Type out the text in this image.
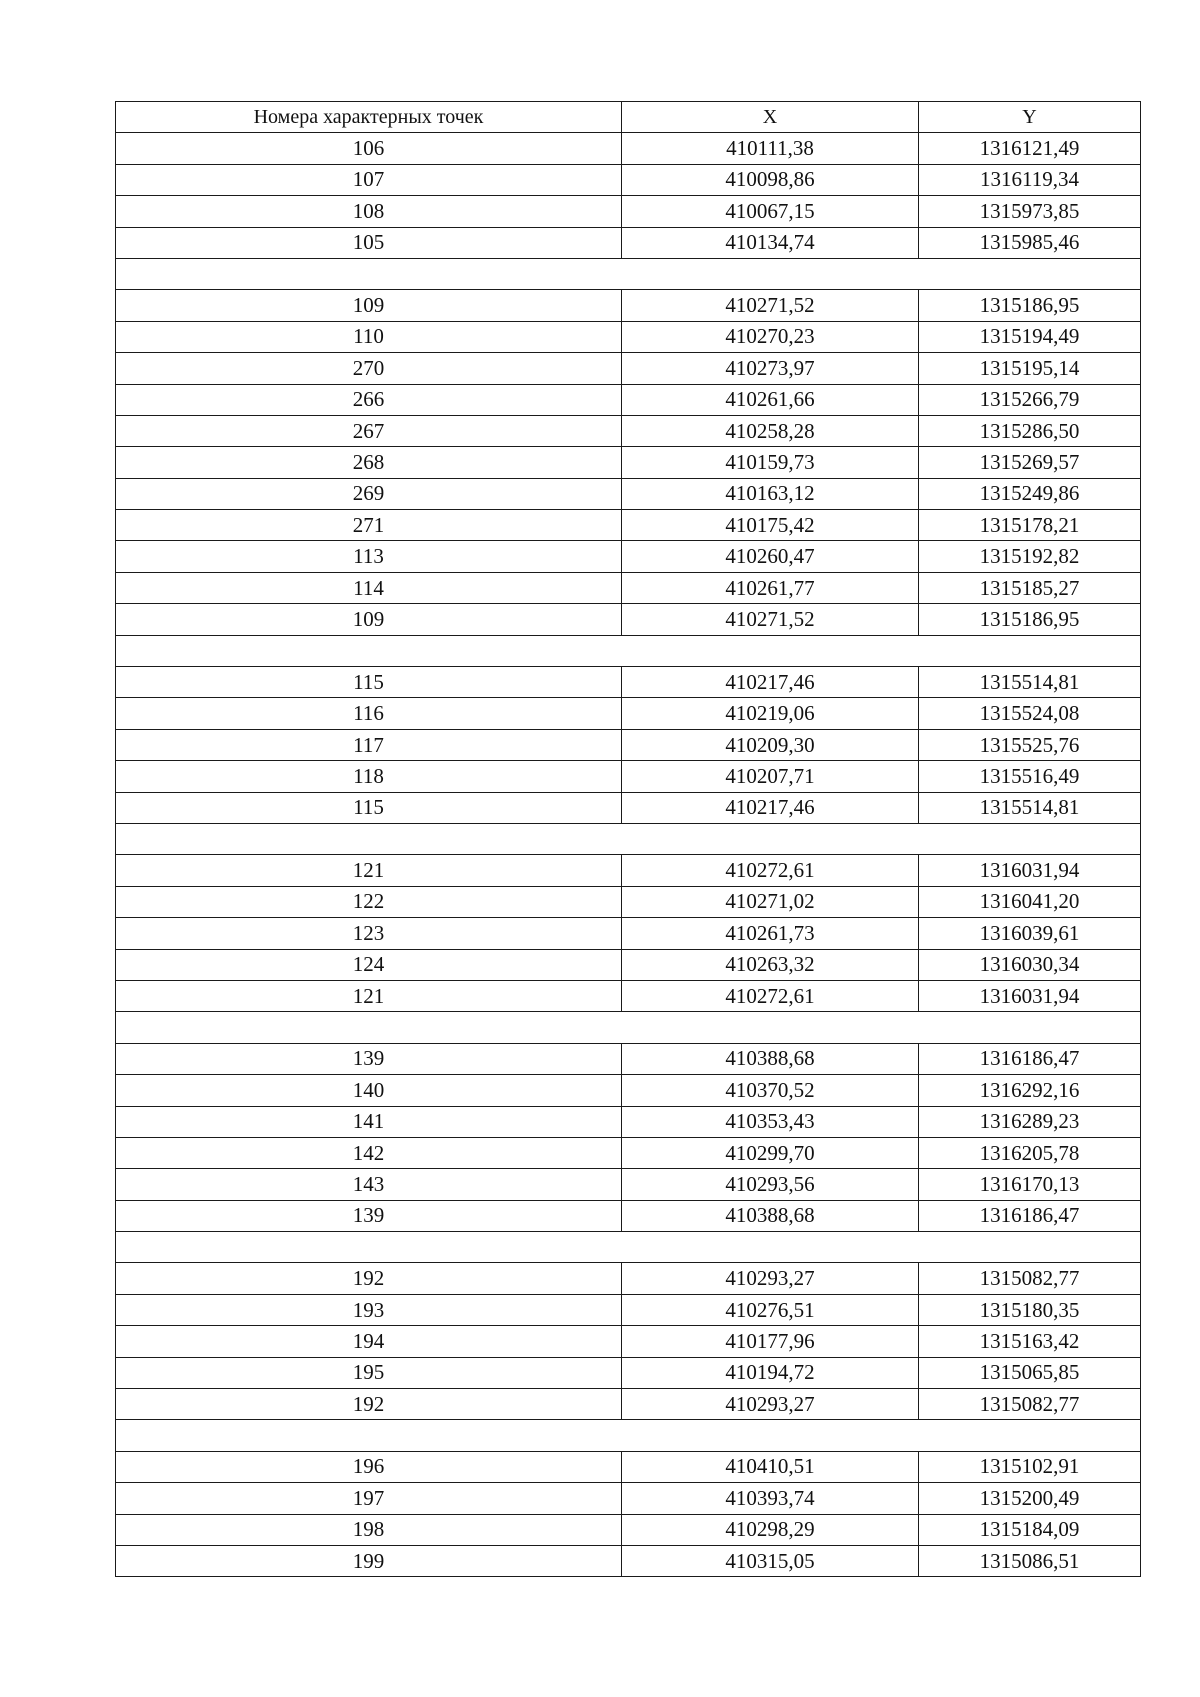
Номера характерных точек	X	Y
106	410111,38	1316121,49
107	410098,86	1316119,34
108	410067,15	1315973,85
105	410134,74	1315985,46

109	410271,52	1315186,95
110	410270,23	1315194,49
270	410273,97	1315195,14
266	410261,66	1315266,79
267	410258,28	1315286,50
268	410159,73	1315269,57
269	410163,12	1315249,86
271	410175,42	1315178,21
113	410260,47	1315192,82
114	410261,77	1315185,27
109	410271,52	1315186,95

115	410217,46	1315514,81
116	410219,06	1315524,08
117	410209,30	1315525,76
118	410207,71	1315516,49
115	410217,46	1315514,81

121	410272,61	1316031,94
122	410271,02	1316041,20
123	410261,73	1316039,61
124	410263,32	1316030,34
121	410272,61	1316031,94

139	410388,68	1316186,47
140	410370,52	1316292,16
141	410353,43	1316289,23
142	410299,70	1316205,78
143	410293,56	1316170,13
139	410388,68	1316186,47

192	410293,27	1315082,77
193	410276,51	1315180,35
194	410177,96	1315163,42
195	410194,72	1315065,85
192	410293,27	1315082,77

196	410410,51	1315102,91
197	410393,74	1315200,49
198	410298,29	1315184,09
199	410315,05	1315086,51
